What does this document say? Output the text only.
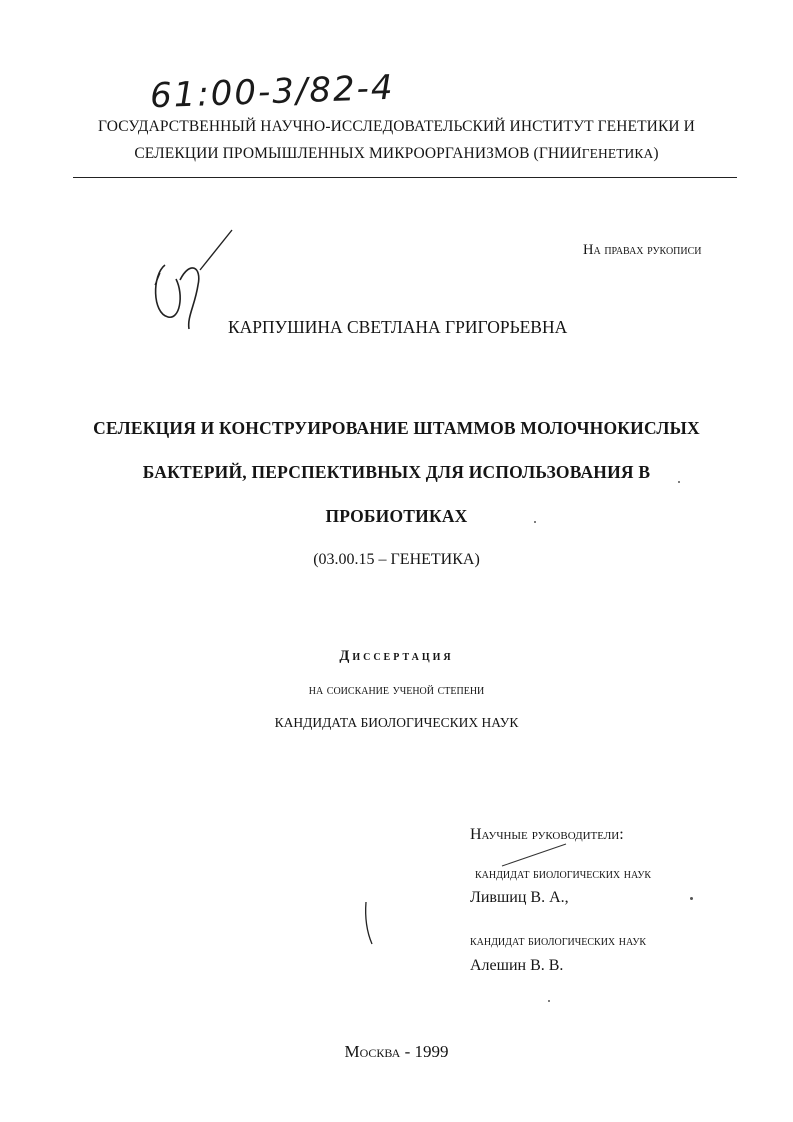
61:00-3/82-4
ГОСУДАРСТВЕННЫЙ НАУЧНО-ИССЛЕДОВАТЕЛЬСКИЙ ИНСТИТУТ ГЕНЕТИКИ И
СЕЛЕКЦИИ ПРОМЫШЛЕННЫХ МИКРООРГАНИЗМОВ (ГНИИГЕНЕТИКА)
На правах рукописи
КАРПУШИНА СВЕТЛАНА ГРИГОРЬЕВНА
СЕЛЕКЦИЯ И КОНСТРУИРОВАНИЕ ШТАММОВ МОЛОЧНОКИСЛЫХ
БАКТЕРИЙ, ПЕРСПЕКТИВНЫХ ДЛЯ ИСПОЛЬЗОВАНИЯ В
ПРОБИОТИКАХ
(03.00.15 – ГЕНЕТИКА)
Диссертация
на соискание ученой степени
КАНДИДАТА БИОЛОГИЧЕСКИХ НАУК
Научные руководители:
кандидат биологических наук
Лившиц В. А.,
кандидат биологических наук
Алешин В. В.
Москва - 1999
